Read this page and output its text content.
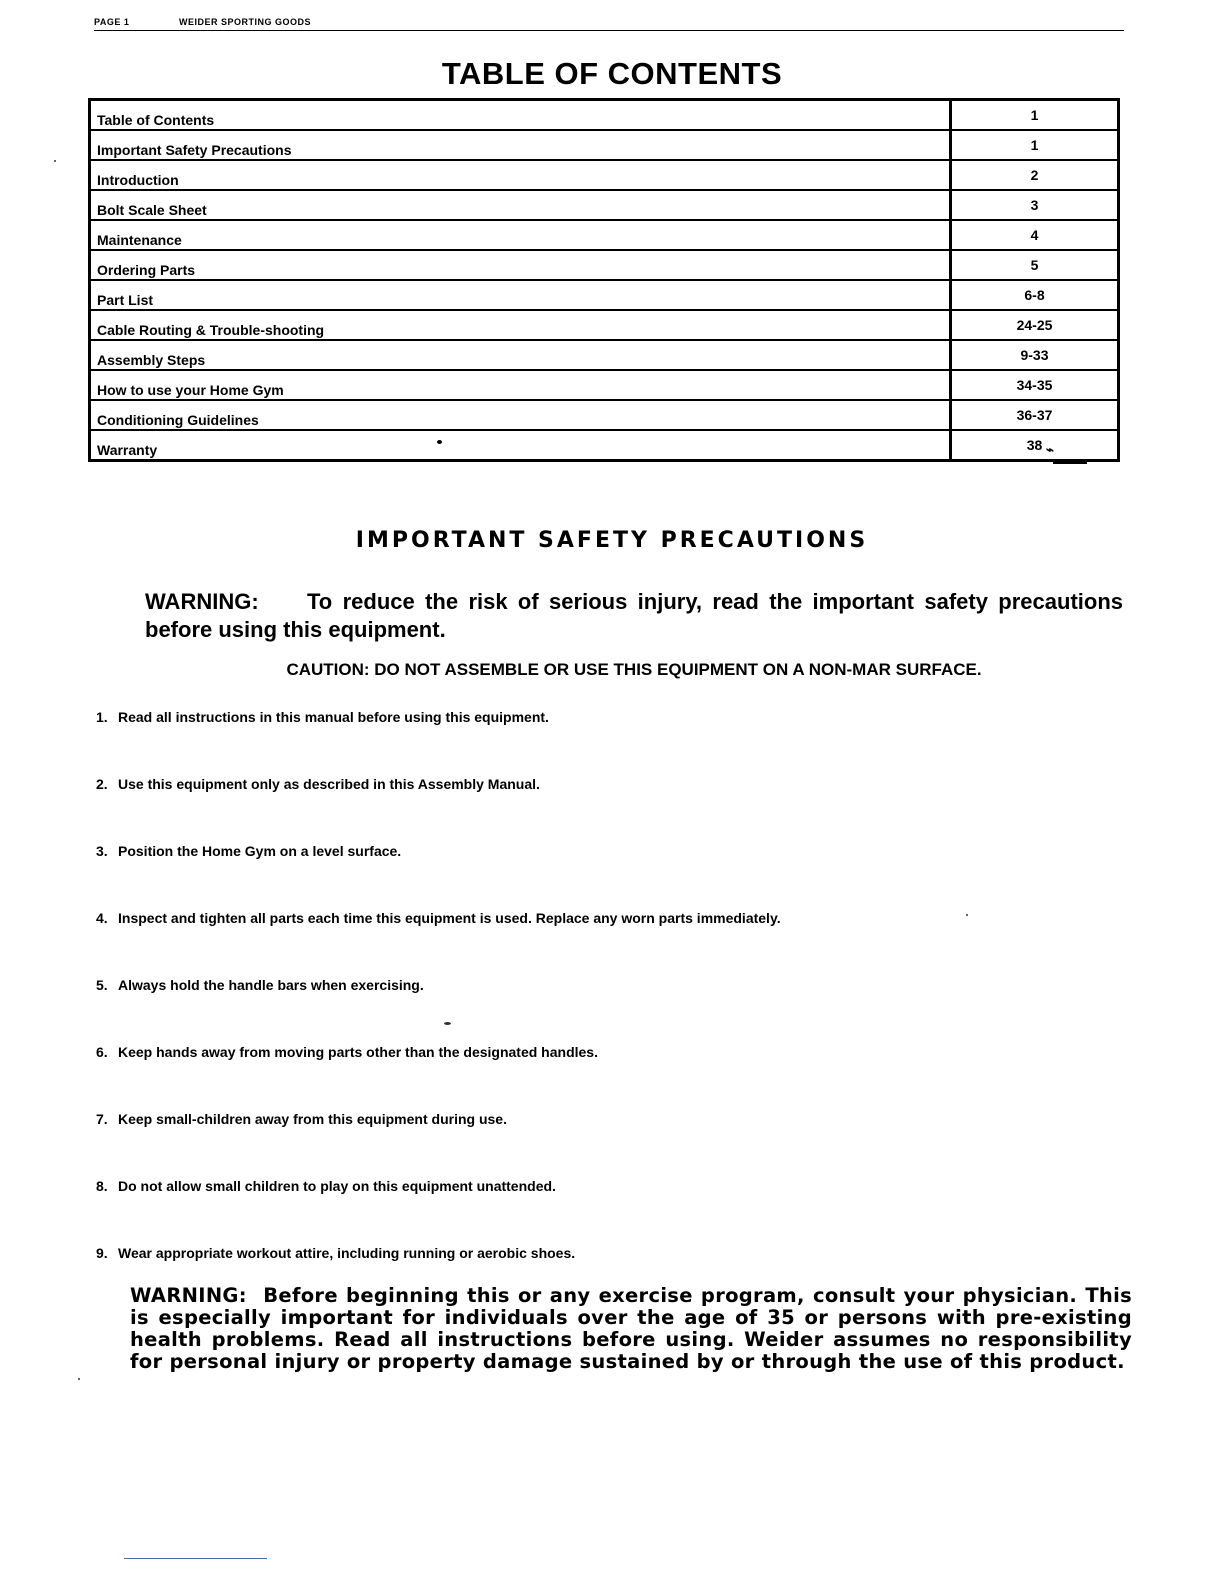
PAGE 1	WEIDER SPORTING GOODS
TABLE OF CONTENTS
Table of Contents	1
Important Safety Precautions	1
Introduction	2
Bolt Scale Sheet	3
Maintenance	4
Ordering Parts	5
Part List	6-8
Cable Routing & Trouble-shooting	24-25
Assembly Steps	9-33
How to use your Home Gym	34-35
Conditioning Guidelines	36-37
Warranty	38 ⌁
IMPORTANT SAFETY PRECAUTIONS
WARNING: To reduce the risk of serious injury, read the important safety precautions before using this equipment.
CAUTION: DO NOT ASSEMBLE OR USE THIS EQUIPMENT ON A NON-MAR SURFACE.
1. Read all instructions in this manual before using this equipment.
2. Use this equipment only as described in this Assembly Manual.
3. Position the Home Gym on a level surface.
4. Inspect and tighten all parts each time this equipment is used. Replace any worn parts immediately.
5. Always hold the handle bars when exercising.
6. Keep hands away from moving parts other than the designated handles.
7. Keep small-children away from this equipment during use.
8. Do not allow small children to play on this equipment unattended.
9. Wear appropriate workout attire, including running or aerobic shoes.
WARNING: Before beginning this or any exercise program, consult your physician. This is especially important for individuals over the age of 35 or persons with pre-existing health problems. Read all instructions before using. Weider assumes no responsibility for personal injury or property damage sustained by or through the use of this product.
